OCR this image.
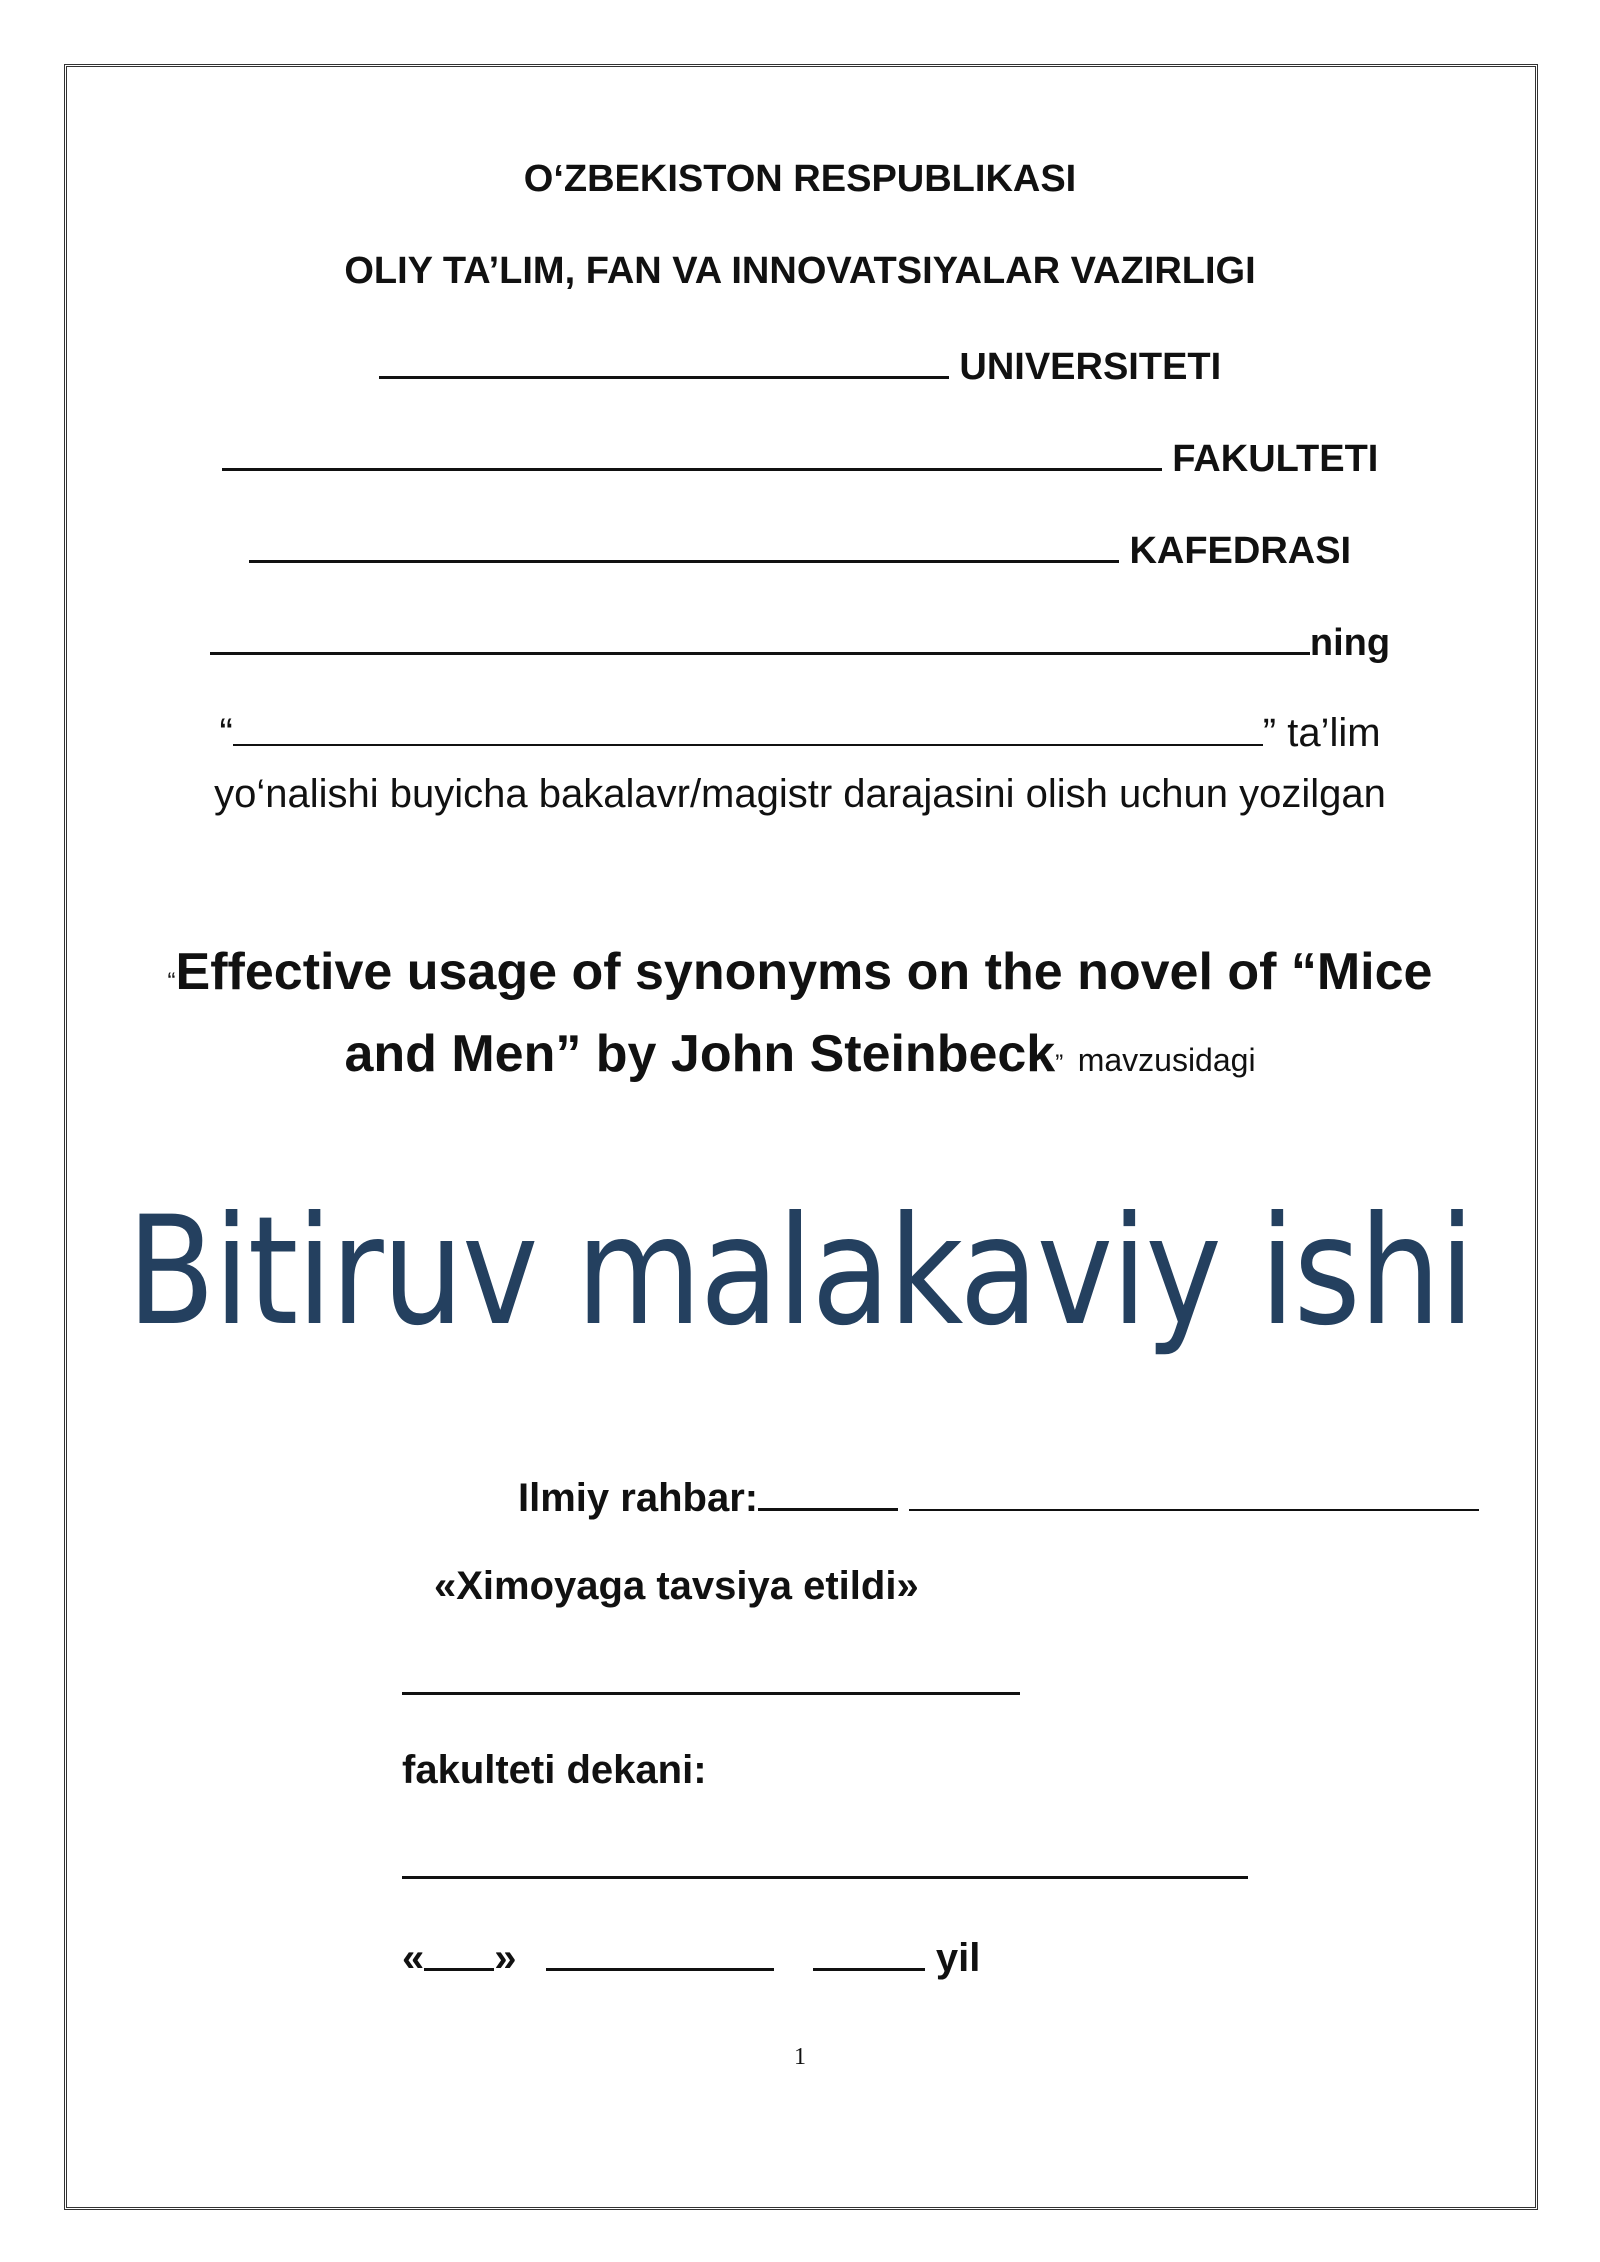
O‘ZBEKISTON RESPUBLIKASI
OLIY TA’LIM, FAN VA INNOVATSIYALAR VAZIRLIGI
UNIVERSITETI
FAKULTETI
KAFEDRASI
ning
“	” ta’lim
yo‘nalishi buyicha bakalavr/magistr darajasini olish uchun yozilgan
“Effective usage of synonyms on the novel of “Mice
and Men” by John Steinbeck” mavzusidagi
Bitiruv malakaviy ishi
Ilmiy rahbar:
«Ximoyaga tavsiya etildi»
fakulteti dekani:
« »	yil
1
